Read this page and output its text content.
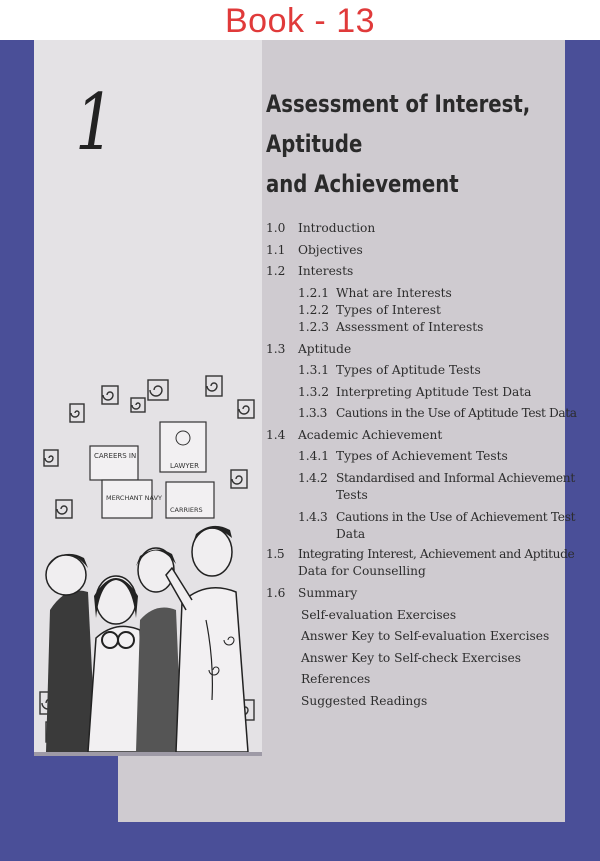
Book - 13
1	Assessment of Interest, Aptitude
and Achievement
CAREERS IN
LAWYER
MERCHANT NAVY
CARRIERS
1.0 Introduction
1.1 Objectives
1.2 Interests
1.2.1 What are Interests
1.2.2 Types of Interest
1.2.3 Assessment of Interests
1.3 Aptitude
1.3.1 Types of Aptitude Tests
1.3.2 Interpreting Aptitude Test Data
1.3.3 Cautions in the Use of Aptitude Test Data
1.4 Academic Achievement
1.4.1 Types of Achievement Tests
1.4.2 Standardised and Informal Achievement
Tests
1.4.3 Cautions in the Use of Achievement Test
Data
1.5 Integrating Interest, Achievement and Aptitude
Data for Counselling
1.6 Summary
Self-evaluation Exercises
Answer Key to Self-evaluation Exercises
Answer Key to Self-check Exercises
References
Suggested Readings
